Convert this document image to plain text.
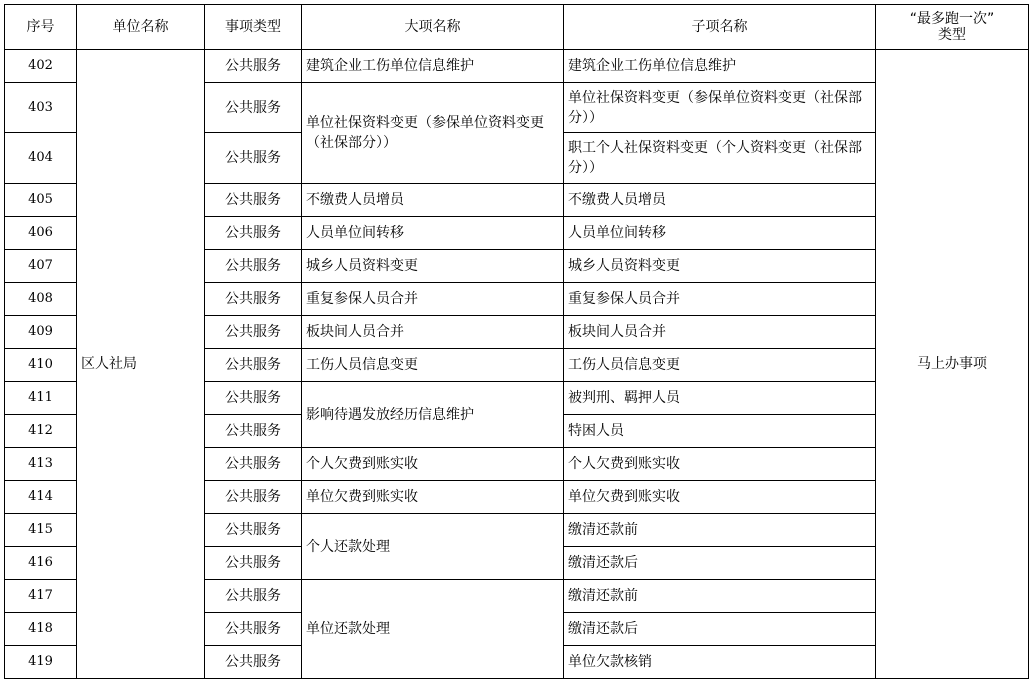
序号	单位名称	事项类型	大项名称	子项名称	“最多跑一次”
类型

402	区人社局	公共服务	建筑企业工伤单位信息维护	建筑企业工伤单位信息维护	马上办事项
403		公共服务	单位社保资料变更（参保单位资料变更（社保部分））	单位社保资料变更（参保单位资料变更（社保部分））	
404		公共服务		职工个人社保资料变更（个人资料变更（社保部分））	
405		公共服务	不缴费人员增员	不缴费人员增员	
406		公共服务	人员单位间转移	人员单位间转移	
407		公共服务	城乡人员资料变更	城乡人员资料变更	
408		公共服务	重复参保人员合并	重复参保人员合并	
409		公共服务	板块间人员合并	板块间人员合并	
410		公共服务	工伤人员信息变更	工伤人员信息变更	
411		公共服务	影响待遇发放经历信息维护	被判刑、羁押人员	
412		公共服务		特困人员	
413		公共服务	个人欠费到账实收	个人欠费到账实收	
414		公共服务	单位欠费到账实收	单位欠费到账实收	
415		公共服务	个人还款处理	缴清还款前	
416		公共服务		缴清还款后	
417		公共服务	单位还款处理	缴清还款前	
418		公共服务		缴清还款后	
419		公共服务		单位欠款核销	
